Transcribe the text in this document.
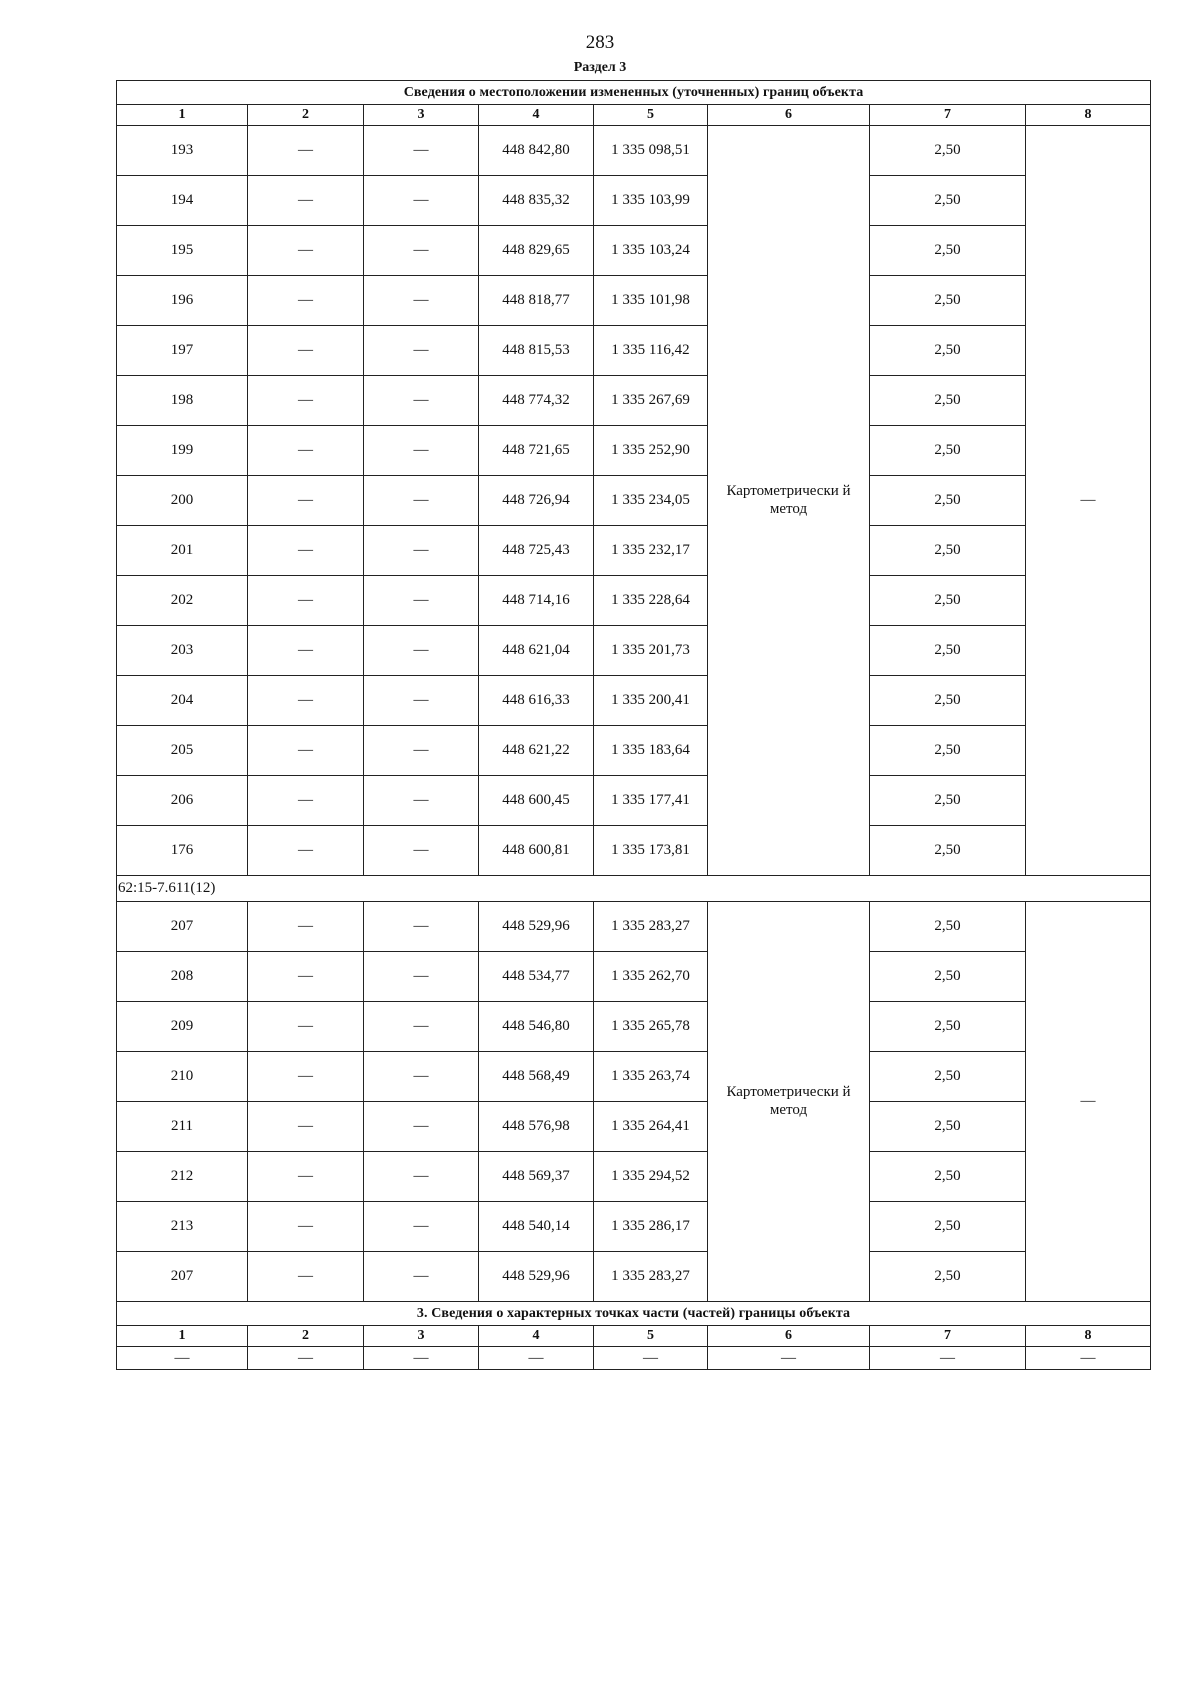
283
Раздел 3
Сведения о местоположении измененных (уточненных) границ объекта							
1	2	3	4	5	6	7	8
193	—	—	448 842,80	1 335 098,51	Картометрически й метод	2,50	—
194	—	—	448 835,32	1 335 103,99		2,50	
195	—	—	448 829,65	1 335 103,24		2,50	
196	—	—	448 818,77	1 335 101,98		2,50	
197	—	—	448 815,53	1 335 116,42		2,50	
198	—	—	448 774,32	1 335 267,69		2,50	
199	—	—	448 721,65	1 335 252,90		2,50	
200	—	—	448 726,94	1 335 234,05		2,50	
201	—	—	448 725,43	1 335 232,17		2,50	
202	—	—	448 714,16	1 335 228,64		2,50	
203	—	—	448 621,04	1 335 201,73		2,50	
204	—	—	448 616,33	1 335 200,41		2,50	
205	—	—	448 621,22	1 335 183,64		2,50	
206	—	—	448 600,45	1 335 177,41		2,50	
176	—	—	448 600,81	1 335 173,81		2,50	
62:15-7.611(12)							
207	—	—	448 529,96	1 335 283,27	Картометрически й метод	2,50	—
208	—	—	448 534,77	1 335 262,70		2,50	
209	—	—	448 546,80	1 335 265,78		2,50	
210	—	—	448 568,49	1 335 263,74		2,50	
211	—	—	448 576,98	1 335 264,41		2,50	
212	—	—	448 569,37	1 335 294,52		2,50	
213	—	—	448 540,14	1 335 286,17		2,50	
207	—	—	448 529,96	1 335 283,27		2,50	
3. Сведения о характерных точках части (частей) границы объекта							
1	2	3	4	5	6	7	8
—	—	—	—	—	—	—	—
